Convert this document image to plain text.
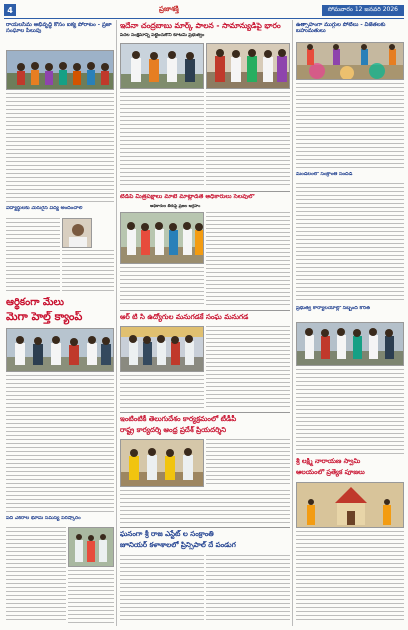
4	ప్రజాశక్తి	సోమవారం 12 జనవరి 2026
రాయలసీమ అభివృద్ధి కోసం ఐక్య పోరాటం - ప్రజా సంఘాల పిలుపు
విద్యార్థులకు మెరుగైన విద్య అందించాలి
ఆర్థికంగా మేలు
మెగా హెల్త్ క్యాంప్
పది ఎకరాల భూమి సమస్య పరిష్కారం
ఇదేనా చంద్రబాబు మార్క్ పాలన - సామాన్యుడిపై భారం
పేదల సంక్షేమాన్ని పట్టించుకోని కూటమి ప్రభుత్వం
టీడీపీ మిత్రపక్షాలు మాటే మాట్లాడితే అధికారులు సెలవులో
అధికారుల తీరుపై ప్రజల ఆగ్రహం
ఆర్ టి సి ఉద్యోగుల మనుగడకే సంఘ మనుగడ
ఇంటింటికీ తెలుగుదేశం కార్యక్రమంలో టీడీపీ
రాష్ట్ర కార్యదర్శి ఆంధ్ర ప్రదేశ్ ప్రియదర్శిని
ఘనంగా శ్రీ రాజ ఎస్టేట్ ల సంక్రాంతి
జూనియర్ కళాశాలలో ప్రిన్సిపాల్ దే పండుగ
ఉత్సాహంగా ముగ్గుల పోటీలు - విజేతలకు బహుమతులు
మండలంలో సంక్రాంతి సందడి
ప్రభుత్వ కార్యాలయాల్లో సిబ్బంది కొరత
శ్రీ లక్ష్మీ నారాయణ స్వామి
ఆలయంలో ప్రత్యేక పూజలు
